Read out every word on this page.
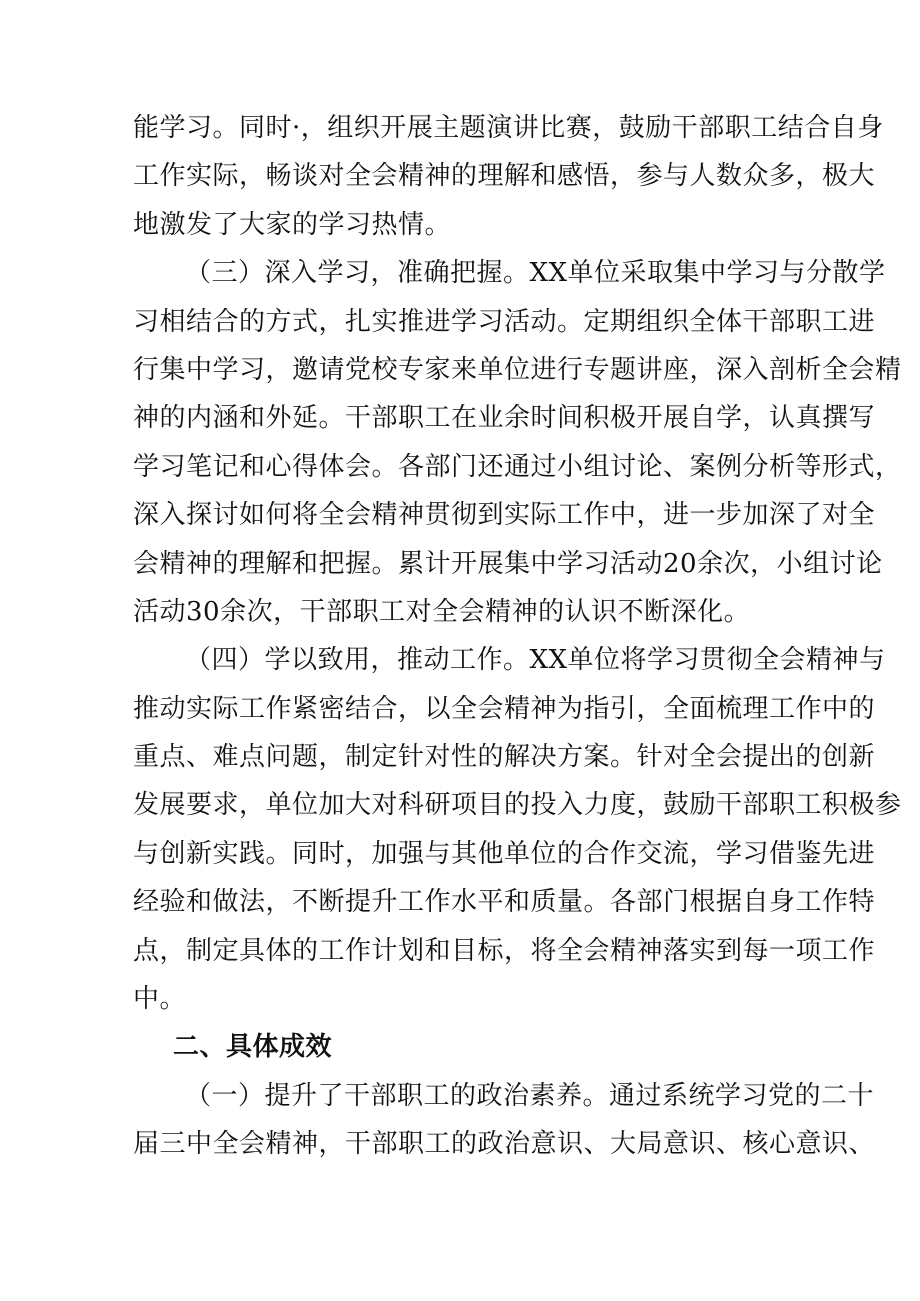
能学习。同时·，组织开展主题演讲比赛，鼓励干部职工结合自身
工作实际，畅谈对全会精神的理解和感悟，参与人数众多，极大
地激发了大家的学习热情。
（三）深入学习，准确把握。XX单位采取集中学习与分散学
习相结合的方式，扎实推进学习活动。定期组织全体干部职工进
行集中学习，邀请党校专家来单位进行专题讲座，深入剖析全会精
神的内涵和外延。干部职工在业余时间积极开展自学，认真撰写
学习笔记和心得体会。各部门还通过小组讨论、案例分析等形式，
深入探讨如何将全会精神贯彻到实际工作中，进一步加深了对全
会精神的理解和把握。累计开展集中学习活动20余次，小组讨论
活动30余次，干部职工对全会精神的认识不断深化。
（四）学以致用，推动工作。XX单位将学习贯彻全会精神与
推动实际工作紧密结合，以全会精神为指引，全面梳理工作中的
重点、难点问题，制定针对性的解决方案。针对全会提出的创新
发展要求，单位加大对科研项目的投入力度，鼓励干部职工积极参
与创新实践。同时，加强与其他单位的合作交流，学习借鉴先进
经验和做法，不断提升工作水平和质量。各部门根据自身工作特
点，制定具体的工作计划和目标，将全会精神落实到每一项工作
中。
二、具体成效
（一）提升了干部职工的政治素养。通过系统学习党的二十
届三中全会精神，干部职工的政治意识、大局意识、核心意识、
